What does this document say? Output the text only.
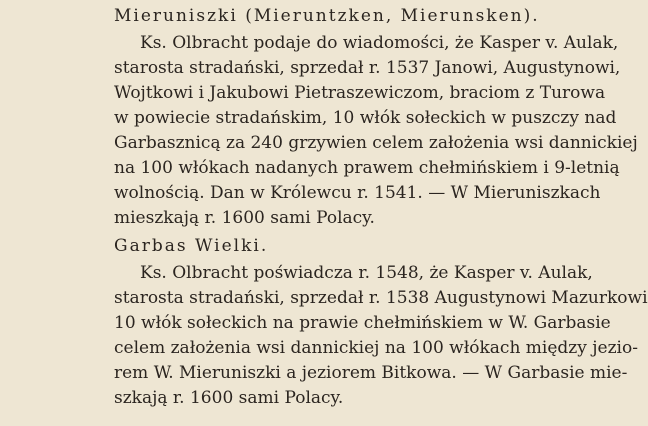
Mieruniszki (Mieruntzken, Mierunsken).
Ks. Olbracht podaje do wiadomości, że Kasper v. Aulak,
starosta stradański, sprzedał r. 1537 Janowi, Augustynowi,
Wojtkowi i Jakubowi Pietraszewiczom, braciom z Turowa
w powiecie stradańskim, 10 włók sołeckich w puszczy nad
Garbasznicą za 240 grzywien celem założenia wsi dannickiej
na 100 włókach nadanych prawem chełmińskiem i 9-letnią
wolnością. Dan w Królewcu r. 1541. — W Mieruniszkach
mieszkają r. 1600 sami Polacy.
Garbas Wielki.
Ks. Olbracht poświadcza r. 1548, że Kasper v. Aulak,
starosta stradański, sprzedał r. 1538 Augustynowi Mazurkowi
10 włók sołeckich na prawie chełmińskiem w W. Garbasie
celem założenia wsi dannickiej na 100 włókach między jezio-
rem W. Mieruniszki a jeziorem Bitkowa. — W Garbasie mie-
szkają r. 1600 sami Polacy.
